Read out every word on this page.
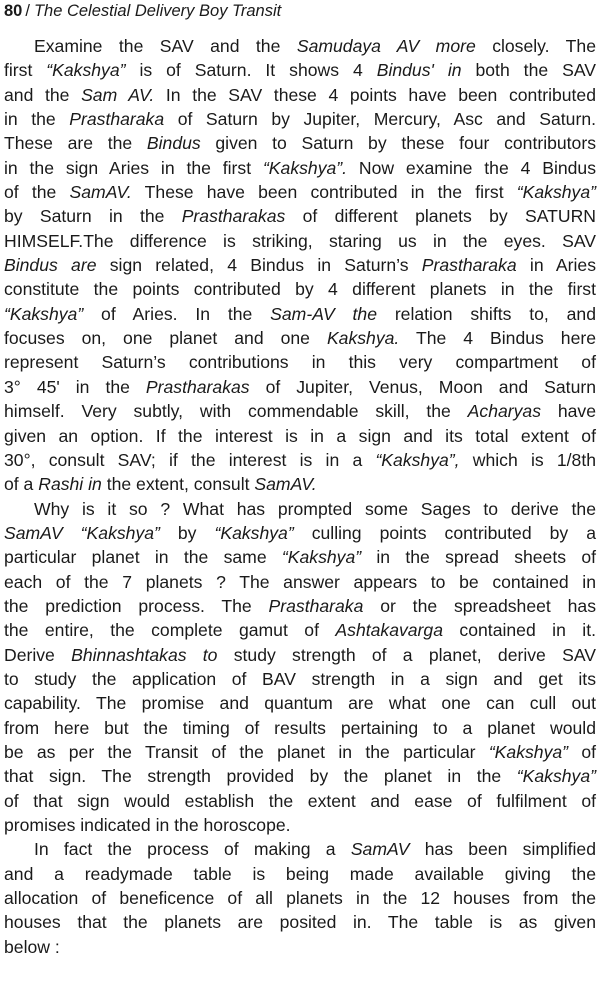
80 / The Celestial Delivery Boy Transit
Examine the SAV and the Samudaya AV more closely. The
first “Kakshya” is of Saturn. It shows 4 Bindus' in both the SAV
and the Sam AV. In the SAV these 4 points have been contributed
in the Prastharaka of Saturn by Jupiter, Mercury, Asc and Saturn.
These are the Bindus given to Saturn by these four contributors
in the sign Aries in the first “Kakshya”. Now examine the 4 Bindus
of the SamAV. These have been contributed in the first “Kakshya”
by Saturn in the Prastharakas of different planets by SATURN
HIMSELF.The difference is striking, staring us in the eyes. SAV
Bindus are sign related, 4 Bindus in Saturn’s Prastharaka in Aries
constitute the points contributed by 4 different planets in the first
“Kakshya” of Aries. In the Sam-AV the relation shifts to, and
focuses on, one planet and one Kakshya. The 4 Bindus here
represent Saturn’s contributions in this very compartment of
3° 45' in the Prastharakas of Jupiter, Venus, Moon and Saturn
himself. Very subtly, with commendable skill, the Acharyas have
given an option. If the interest is in a sign and its total extent of
30°, consult SAV; if the interest is in a “Kakshya”, which is 1/8th
of a Rashi in the extent, consult SamAV.
Why is it so ? What has prompted some Sages to derive the
SamAV “Kakshya” by “Kakshya” culling points contributed by a
particular planet in the same “Kakshya” in the spread sheets of
each of the 7 planets ? The answer appears to be contained in
the prediction process. The Prastharaka or the spreadsheet has
the entire, the complete gamut of Ashtakavarga contained in it.
Derive Bhinnashtakas to study strength of a planet, derive SAV
to study the application of BAV strength in a sign and get its
capability. The promise and quantum are what one can cull out
from here but the timing of results pertaining to a planet would
be as per the Transit of the planet in the particular “Kakshya” of
that sign. The strength provided by the planet in the “Kakshya”
of that sign would establish the extent and ease of fulfilment of
promises indicated in the horoscope.
In fact the process of making a SamAV has been simplified
and a readymade table is being made available giving the
allocation of beneficence of all planets in the 12 houses from the
houses that the planets are posited in. The table is as given
below :
